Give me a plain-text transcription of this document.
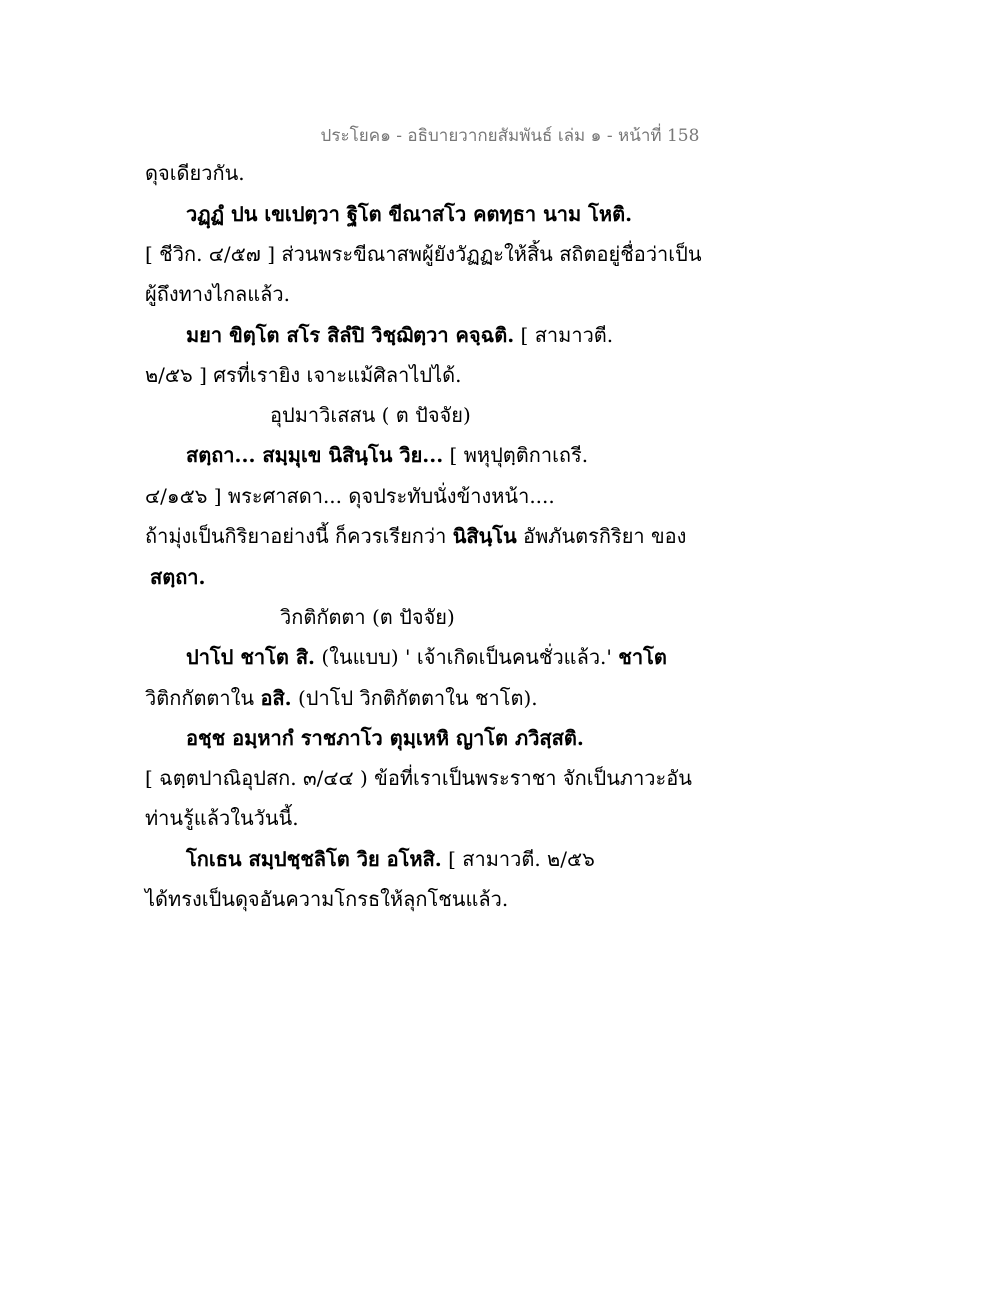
ประโยค๑ - อธิบายวากยสัมพันธ์ เล่ม ๑ - หน้าที่ 158
ดุจเดียวกัน.
วฏฺฏํ ปน เขเปตฺวา ฐิโต ขีณาสโว คตทฺธา นาม โหติ.
[ ชีวิก. ๔/๕๗ ] ส่วนพระขีณาสพผู้ยังวัฏฏะให้สิ้น สถิตอยู่ชื่อว่าเป็น
ผู้ถึงทางไกลแล้ว.
มยา ขิตฺโต สโร สิลํปิ วิชฺฌิตฺวา คจฺฉติ. [ สามาวตี.
๒/๕๖ ] ศรที่เรายิง เจาะแม้ศิลาไปได้.
อุปมาวิเสสน ( ต ปัจจัย)
สตฺถา... สมฺมุเข นิสินฺโน วิย... [ พหุปุตฺติกาเถรี.
๔/๑๕๖ ] พระศาสดา... ดุจประทับนั่งข้างหน้า....
ถ้ามุ่งเป็นกิริยาอย่างนี้ ก็ควรเรียกว่า นิสินฺโน อัพภันตรกิริยา ของ
สตฺถา.
วิกติกัตตา (ต ปัจจัย)
ปาโป ชาโต สิ. (ในแบบ) ' เจ้าเกิดเป็นคนชั่วแล้ว.' ชาโต
วิติกกัตตาใน อสิ. (ปาโป วิกติกัตตาใน ชาโต).
อชฺช อมฺหากํ ราชภาโว ตุมฺเหหิ ญาโต ภวิสฺสติ.
[ ฉตฺตปาณิอุปสก. ๓/๔๔ ) ข้อที่เราเป็นพระราชา จักเป็นภาวะอัน
ท่านรู้แล้วในวันนี้.
โกเธน สมฺปชฺชลิโต วิย อโหสิ. [ สามาวตี. ๒/๕๖
ได้ทรงเป็นดุจอันความโกรธให้ลุกโชนแล้ว.
